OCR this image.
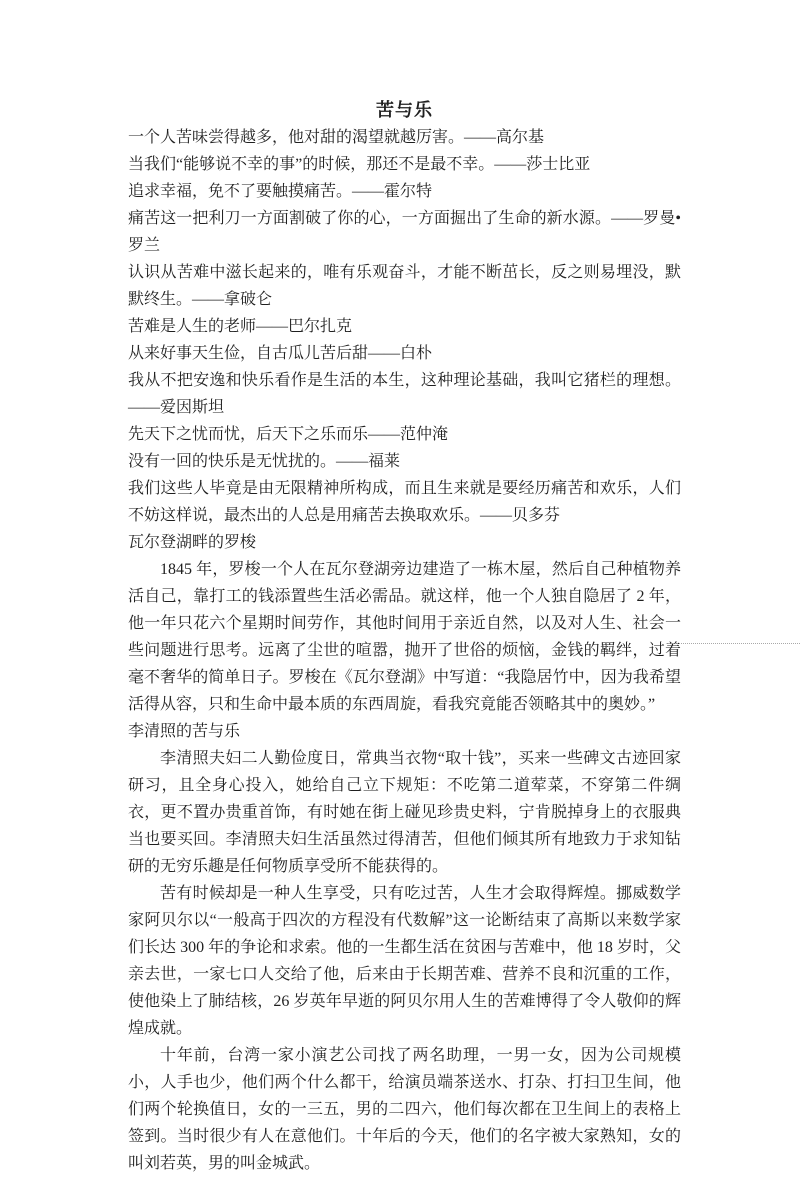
苦与乐

一个人苦味尝得越多，他对甜的渴望就越厉害。——高尔基

当我们“能够说不幸的事”的时候，那还不是最不幸。——莎士比亚

追求幸福，免不了要触摸痛苦。——霍尔特

痛苦这一把利刀一方面割破了你的心，一方面掘出了生命的新水源。——罗曼•罗兰

认识从苦难中滋长起来的，唯有乐观奋斗，才能不断茁长，反之则易埋没，默默终生。——拿破仑

苦难是人生的老师——巴尔扎克

从来好事天生俭，自古瓜儿苦后甜——白朴

我从不把安逸和快乐看作是生活的本生，这种理论基础，我叫它猪栏的理想。——爱因斯坦

先天下之忧而忧，后天下之乐而乐——范仲淹

没有一回的快乐是无忧扰的。——福莱

我们这些人毕竟是由无限精神所构成，而且生来就是要经历痛苦和欢乐，人们不妨这样说，最杰出的人总是用痛苦去换取欢乐。——贝多芬

瓦尔登湖畔的罗梭

1845 年，罗梭一个人在瓦尔登湖旁边建造了一栋木屋，然后自己种植物养活自己，靠打工的钱添置些生活必需品。就这样，他一个人独自隐居了 2 年，他一年只花六个星期时间劳作，其他时间用于亲近自然，以及对人生、社会一些问题进行思考。远离了尘世的喧嚣，抛开了世俗的烦恼，金钱的羁绊，过着毫不奢华的简单日子。罗梭在《瓦尔登湖》中写道：“我隐居竹中，因为我希望活得从容，只和生命中最本质的东西周旋，看我究竟能否领略其中的奥妙。”

李清照的苦与乐

李清照夫妇二人勤俭度日，常典当衣物“取十钱”，买来一些碑文古迹回家研习，且全身心投入，她给自己立下规矩：不吃第二道荤菜，不穿第二件绸衣，更不置办贵重首饰，有时她在街上碰见珍贵史料，宁肯脱掉身上的衣服典当也要买回。李清照夫妇生活虽然过得清苦，但他们倾其所有地致力于求知钻研的无穷乐趣是任何物质享受所不能获得的。

苦有时候却是一种人生享受，只有吃过苦，人生才会取得辉煌。挪威数学家阿贝尔以“一般高于四次的方程没有代数解”这一论断结束了高斯以来数学家们长达 300 年的争论和求索。他的一生都生活在贫困与苦难中，他 18 岁时，父亲去世，一家七口人交给了他，后来由于长期苦难、营养不良和沉重的工作，使他染上了肺结核，26 岁英年早逝的阿贝尔用人生的苦难博得了令人敬仰的辉煌成就。

十年前，台湾一家小演艺公司找了两名助理，一男一女，因为公司规模小，人手也少，他们两个什么都干，给演员端茶送水、打杂、打扫卫生间，他们两个轮换值日，女的一三五，男的二四六，他们每次都在卫生间上的表格上签到。当时很少有人在意他们。十年后的今天，他们的名字被大家熟知，女的叫刘若英，男的叫金城武。
